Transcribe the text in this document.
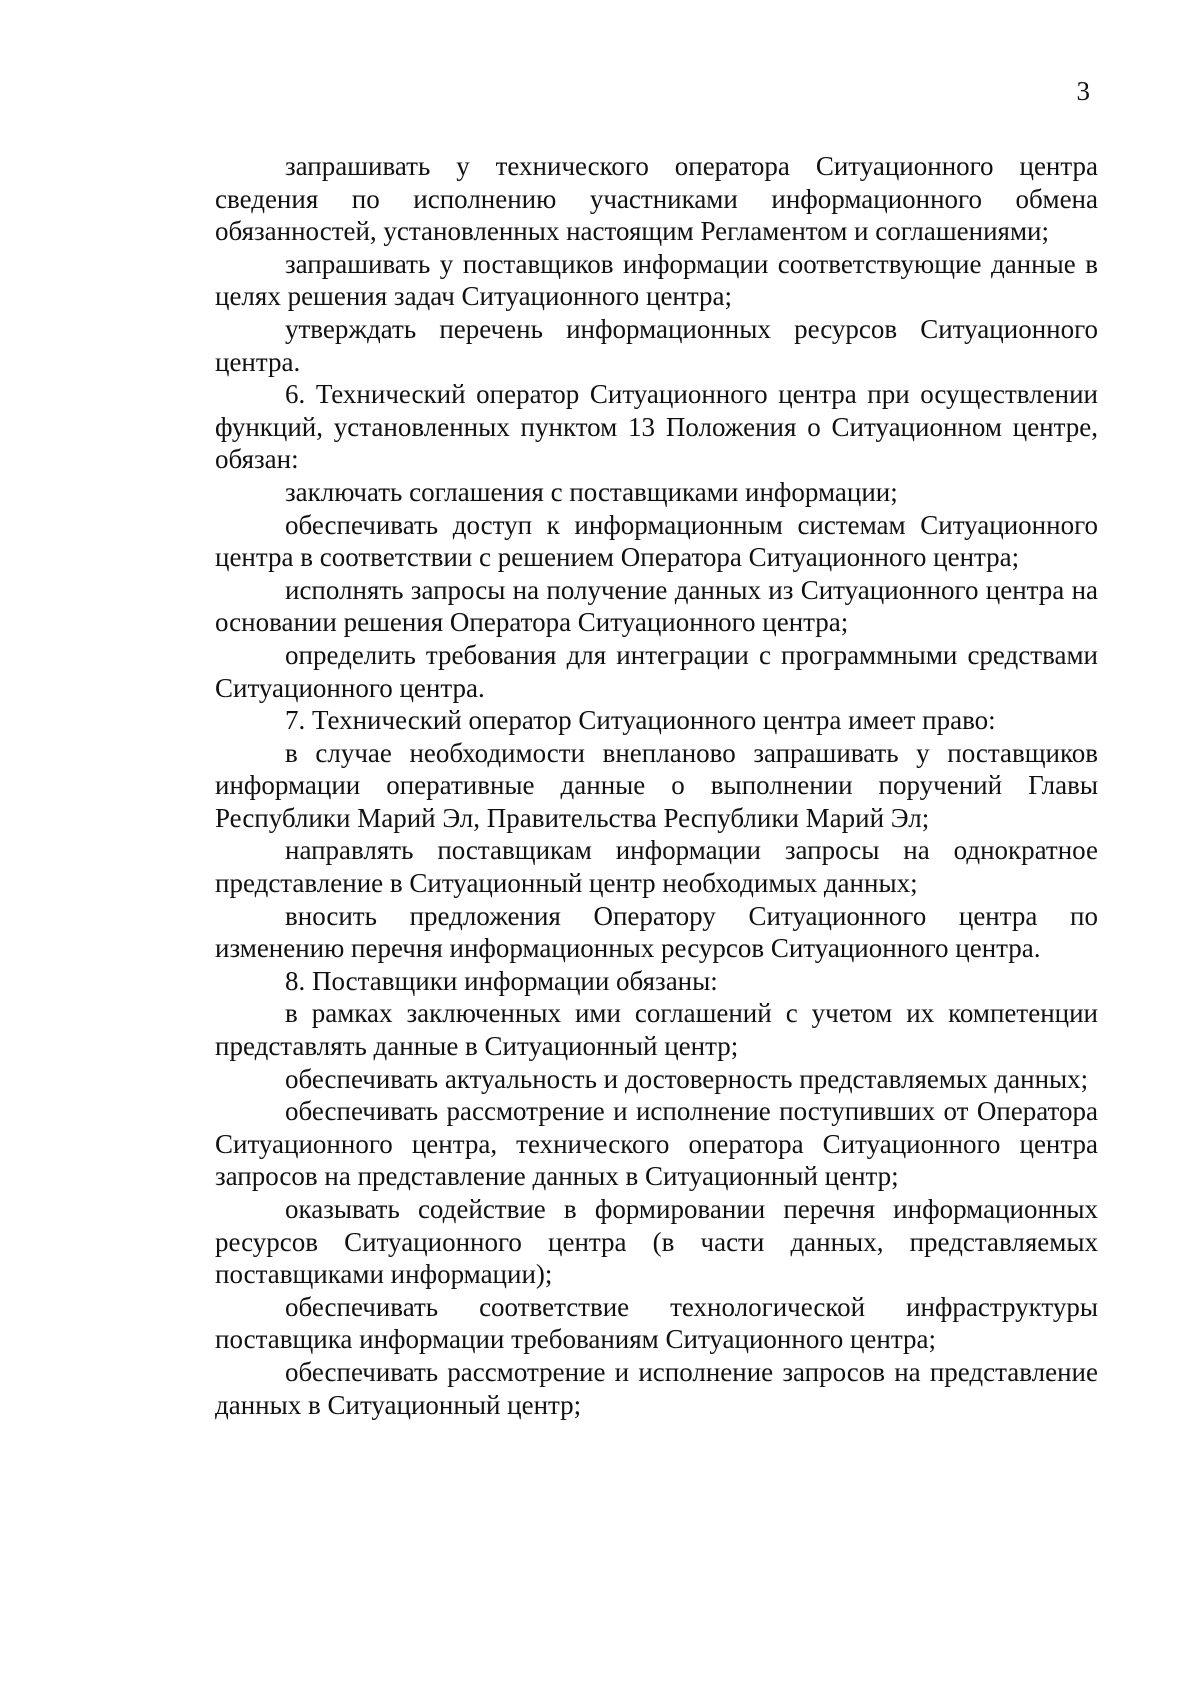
3

запрашивать у технического оператора Ситуационного центра сведения по исполнению участниками информационного обмена обязанностей, установленных настоящим Регламентом и соглашениями;

запрашивать у поставщиков информации соответствующие данные в целях решения задач Ситуационного центра;

утверждать перечень информационных ресурсов Ситуационного центра.

6. Технический оператор Ситуационного центра при осуществлении функций, установленных пунктом 13 Положения о Ситуационном центре, обязан:

заключать соглашения с поставщиками информации;

обеспечивать доступ к информационным системам Ситуационного центра в соответствии с решением Оператора Ситуационного центра;

исполнять запросы на получение данных из Ситуационного центра на основании решения Оператора Ситуационного центра;

определить требования для интеграции с программными средствами Ситуационного центра.

7. Технический оператор Ситуационного центра имеет право:

в случае необходимости внепланово запрашивать у поставщиков информации оперативные данные о выполнении поручений Главы Республики Марий Эл, Правительства Республики Марий Эл;

направлять поставщикам информации запросы на однократное представление в Ситуационный центр необходимых данных;

вносить предложения Оператору Ситуационного центра по изменению перечня информационных ресурсов Ситуационного центра.

8. Поставщики информации обязаны:

в рамках заключенных ими соглашений с учетом их компетенции представлять данные в Ситуационный центр;

обеспечивать актуальность и достоверность представляемых данных;

обеспечивать рассмотрение и исполнение поступивших от Оператора Ситуационного центра, технического оператора Ситуационного центра запросов на представление данных в Ситуационный центр;

оказывать содействие в формировании перечня информационных ресурсов Ситуационного центра (в части данных, представляемых поставщиками информации);

обеспечивать соответствие технологической инфраструктуры поставщика информации требованиям Ситуационного центра;

обеспечивать рассмотрение и исполнение запросов на представление данных в Ситуационный центр;
